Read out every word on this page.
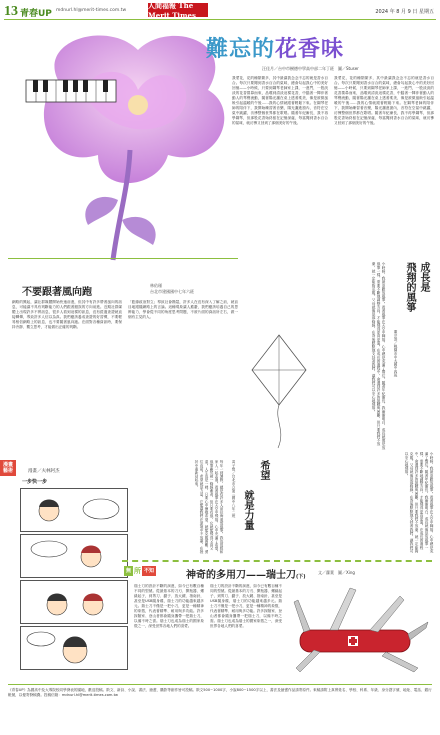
13 青春UP mdnurl.hl@merit-times.com.tw
人間福報 The Merit Times	2024 年 8 月 9 日 星期五
難忘的花香味
汪佳月／台中市樹德中學高中部二年丁班　 圖／Stuser
我愛花，花的種類繁多，其中最讓我念念不忘的就是香水百合。每次只要聞到香水百合的氣味，總會勾起我心中的美好回憶——小時候，只要到鋼琴老師家上課，一進門，一股淡淡的花香撲鼻而來，品嚐到清淡這樣花香，中腦著一陣伴著動人的琴聲流動，隨著陽光灑在桌上透著柔美，像是被微風般引起溫暖的午後……我的心情就跟著輕鬆下來。在鋼琴老師的陪伴下，我開始練習著音樂，陽光灑進窗內，音符在空氣中跳躍，彷彿整個世界都在歌唱。隨著年紀漸長，我不再學鋼琴，但那股花香始終留在記憶深處，每當聞到香水百合的氣味，就彷彿又回到了那個美好的午後。
我愛花，花的種類繁多，其中最讓我念念不忘的就是香水百合。每次只要聞到香水百合的氣味，總會勾起我心中的美好回憶——小時候，只要到鋼琴老師家上課，一進門，一股淡淡的花香撲鼻而來，品嚐到清淡這樣花香，中腦著一陣伴著動人的琴聲流動，隨著陽光灑在桌上透著柔美，像是被微風般引起溫暖的午後……我的心情就跟著輕鬆下來。在鋼琴老師的陪伴下，我開始練習著音樂，陽光灑進窗內，音符在空氣中跳躍，彷彿整個世界都在歌唱。隨著年紀漸長，我不再學鋼琴，但那股花香始終留在記憶深處，每當聞到香水百合的氣味，就彷彿又回到了那個美好的午後。
不要跟著風向跑
林佑瑾
台北市建國國中七年六班
網路的興起，讓社群媒體開始快速前進，但其中有許多帶著風向的訊息，可能讓不具有判斷能力的人們跟著錯誤的方向前進。近期社群媒體上出現許多不實訊息，很多人看到這樣的訊息，沒有經過查證就直接轉傳，導致許多人信以為真。我們應該養成查證的好習慣，不要輕易相信網路上的訊息，也不要隨著風向跑。在面對各種資訊時，要保持冷靜、獨立思考，才能做出正確的判斷。
「藍綠政治對立」導致社會撕裂，許多人在沒有深入了解之前，就盲目地跟隨網路上的言論。這種現象讓人擔憂，我們應該培養自己的思辨能力，學會從不同的角度思考問題，不被片面的資訊所左右，做一個有主見的人。
希望
就是力量
黃子愷／台北市立第三國中八年二班
每年一到暑假，總是有許多人前往海邊放風箏。我也曾經和家人一起去過。看著風箏在天空中飛翔，心中充滿了希望。風箏雖然被一條線牽著，但只要有風，它就能飛得又高又遠。人生也是一樣，只要心中懷抱希望，就能克服困難，勇往直前。希望就是力量，它能讓我們在逆境中不放棄，在挫折中重新站起來。
成長是
飛翔的風箏
董芸溶／桃園市中大國中四班
小時候，我最喜歡放風箏。看著風箏在天空中翱翔，心中總是充滿了嚮往。隨著年紀漸長，我漸漸明白，成長就像是放風箏一樣，需要不斷地調整方向，才能飛得更高更遠。在成長的過程中，會遇到許多的挑戰與困難，但只要我們不放棄，就一定能夠克服。父母就像是那條線，在背後默默地支持著我們，讓我們可以安心地飛翔。
小時候，我最喜歡放風箏。看著風箏在天空中翱翔，心中總是充滿了嚮往。隨著年紀漸長，我漸漸明白，成長就像是放風箏一樣，需要不斷地調整方向，才能飛得更高更遠。在成長的過程中，會遇到許多的挑戰與困難，但只要我們不放棄，就一定能夠克服。父母就像是那條線，在背後默默地支持著我們，讓我們可以安心地飛翔。
漫畫 藝術	漫畫／夫林阿杰
一步快一步
無 所 不知	神奇的多用刀——瑞士刀(下)
文／蘿葉　圖／Xing
瑞士刀的設計不斷的演進，如今已有數百種不同的型號。從最基本的刀刃、開瓶器、螺絲起子，到剪刀、鋸子、放大鏡、指南針，甚至是USB隨身碟，瑞士刀的功能越來越多元。瑞士刀不僅是一把小刀，更是一種精神的象徵，代表著精準、耐用與多功能。許多探險家、登山者都會隨身攜帶一把瑞士刀，以備不時之需。瑞士刀也成為瑞士的國家象徵之一，深受世界各地人們的喜愛。
瑞士刀的設計不斷的演進，如今已有數百種不同的型號。從最基本的刀刃、開瓶器、螺絲起子，到剪刀、鋸子、放大鏡、指南針，甚至是USB隨身碟，瑞士刀的功能越來越多元。瑞士刀不僅是一把小刀，更是一種精神的象徵，代表著精準、耐用與多功能。許多探險家、登山者都會隨身攜帶一把瑞士刀，以備不時之需。瑞士刀也成為瑞士的國家象徵之一，深受世界各地人們的喜愛。
《青春UP》為國高中及大專院校同學發表的園地，歡迎投稿。散文、新詩、小說、書法、繪畫、攝影等創作皆可投稿。散文500~1000字，小說800~1500字以上，書法及繪畫作品請寄原件。來稿請附上真實姓名、學校、科系、年級、身分證字號、地址、電話、銀行帳號，以便寄發稿費。投稿信箱：mdnurl.hl@merit-times.com.tw
